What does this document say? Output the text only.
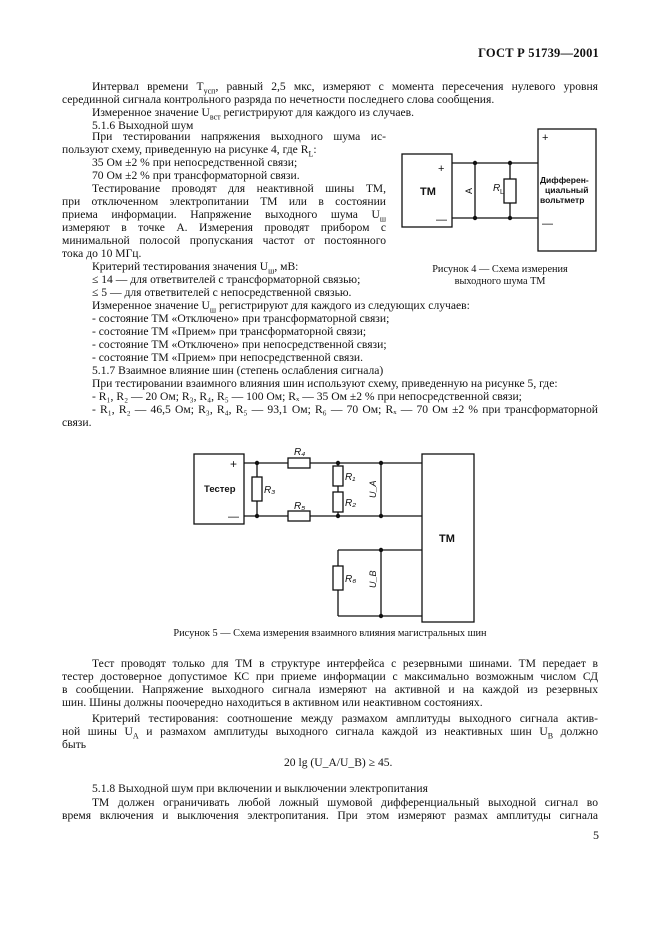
ГОСТ Р 51739—2001
Интервал времени $T_{уcп}$, равный 2,5 мкс, измеряют с момента пересечения нулевого уровня
серединной сигнала контрольного разряда по нечетности последнего слова сообщения.
Измеренное значение $U_{вст}$ регистрируют для каждого из случаев.
5.1.6 Выходной шум
При тестировании напряжения выходного шума ис-
пользуют схему, приведенную на рисунке 4, где $R_L$:
35 Ом ±2 % при непосредственной связи;
70 Ом ±2 % при трансформаторной связи.
Тестирование проводят для неактивной шины ТМ,
при отключенном электропитании ТМ или в состоянии
приема информации. Напряжение выходного шума $U_ш$
измеряют в точке А. Измерения проводят прибором с
минимальной полосой пропускания частот от постоянного
тока до 10 МГц.
Критерий тестирования значения $U_ш$, мВ:
≤ 14 — для ответвителей с трансформаторной связью;
≤ 5 — для ответвителей с непосредственной связью.
ТМ
+
—
+
—
A R L
Дифферен-
циальный
вольтметр
Рисунок 4 — Схема измерения
выходного шума ТМ
Измеренное значение $U_ш$ регистрируют для каждого из следующих случаев:
- состояние ТМ «Отключено» при трансформаторной связи;
- состояние ТМ «Прием» при трансформаторной связи;
- состояние ТМ «Отключено» при непосредственной связи;
- состояние ТМ «Прием» при непосредственной связи.
5.1.7 Взаимное влияние шин (степень ослабления сигнала)
При тестировании взаимного влияния шин используют схему, приведенную на рисунке 5, где:
- R₁, R₂ — 20 Ом; R₃, R₄, R₅ — 100 Ом; Rₓ — 35 Ом ±2 % при непосредственной связи;
- R₁, R₂ — 46,5 Ом; R₃, R₄, R₅ — 93,1 Ом; R₆ — 70 Ом; Rₓ — 70 Ом ±2 % при трансформаторной
связи.
Тестер
+
—
ТМ
R₄
R₅
R₃
R₁
R₂
R₆
U_A
U_B
Рисунок 5 — Схема измерения взаимного влияния магистральных шин
Тест проводят только для ТМ в структуре интерфейса с резервными шинами. ТМ передает в
тестер достоверное допустимое КС при приеме информации с максимально возможным числом СД
в сообщении. Напряжение выходного сигнала измеряют на активной и на каждой из резервных
шин. Шины должны поочередно находиться в активном или неактивном состояниях.
Критерий тестирования: соотношение между размахом амплитуды выходного сигнала актив-
ной шины $U_A$ и размахом амплитуды выходного сигнала каждой из неактивных шин $U_B$ должно
быть
20 lg (U_A/U_B) ≥ 45.
5.1.8 Выходной шум при включении и выключении электропитания
ТМ должен ограничивать любой ложный шумовой дифференциальный выходной сигнал во
время включения и выключения электропитания. При этом измеряют размах амплитуды сигнала
5
